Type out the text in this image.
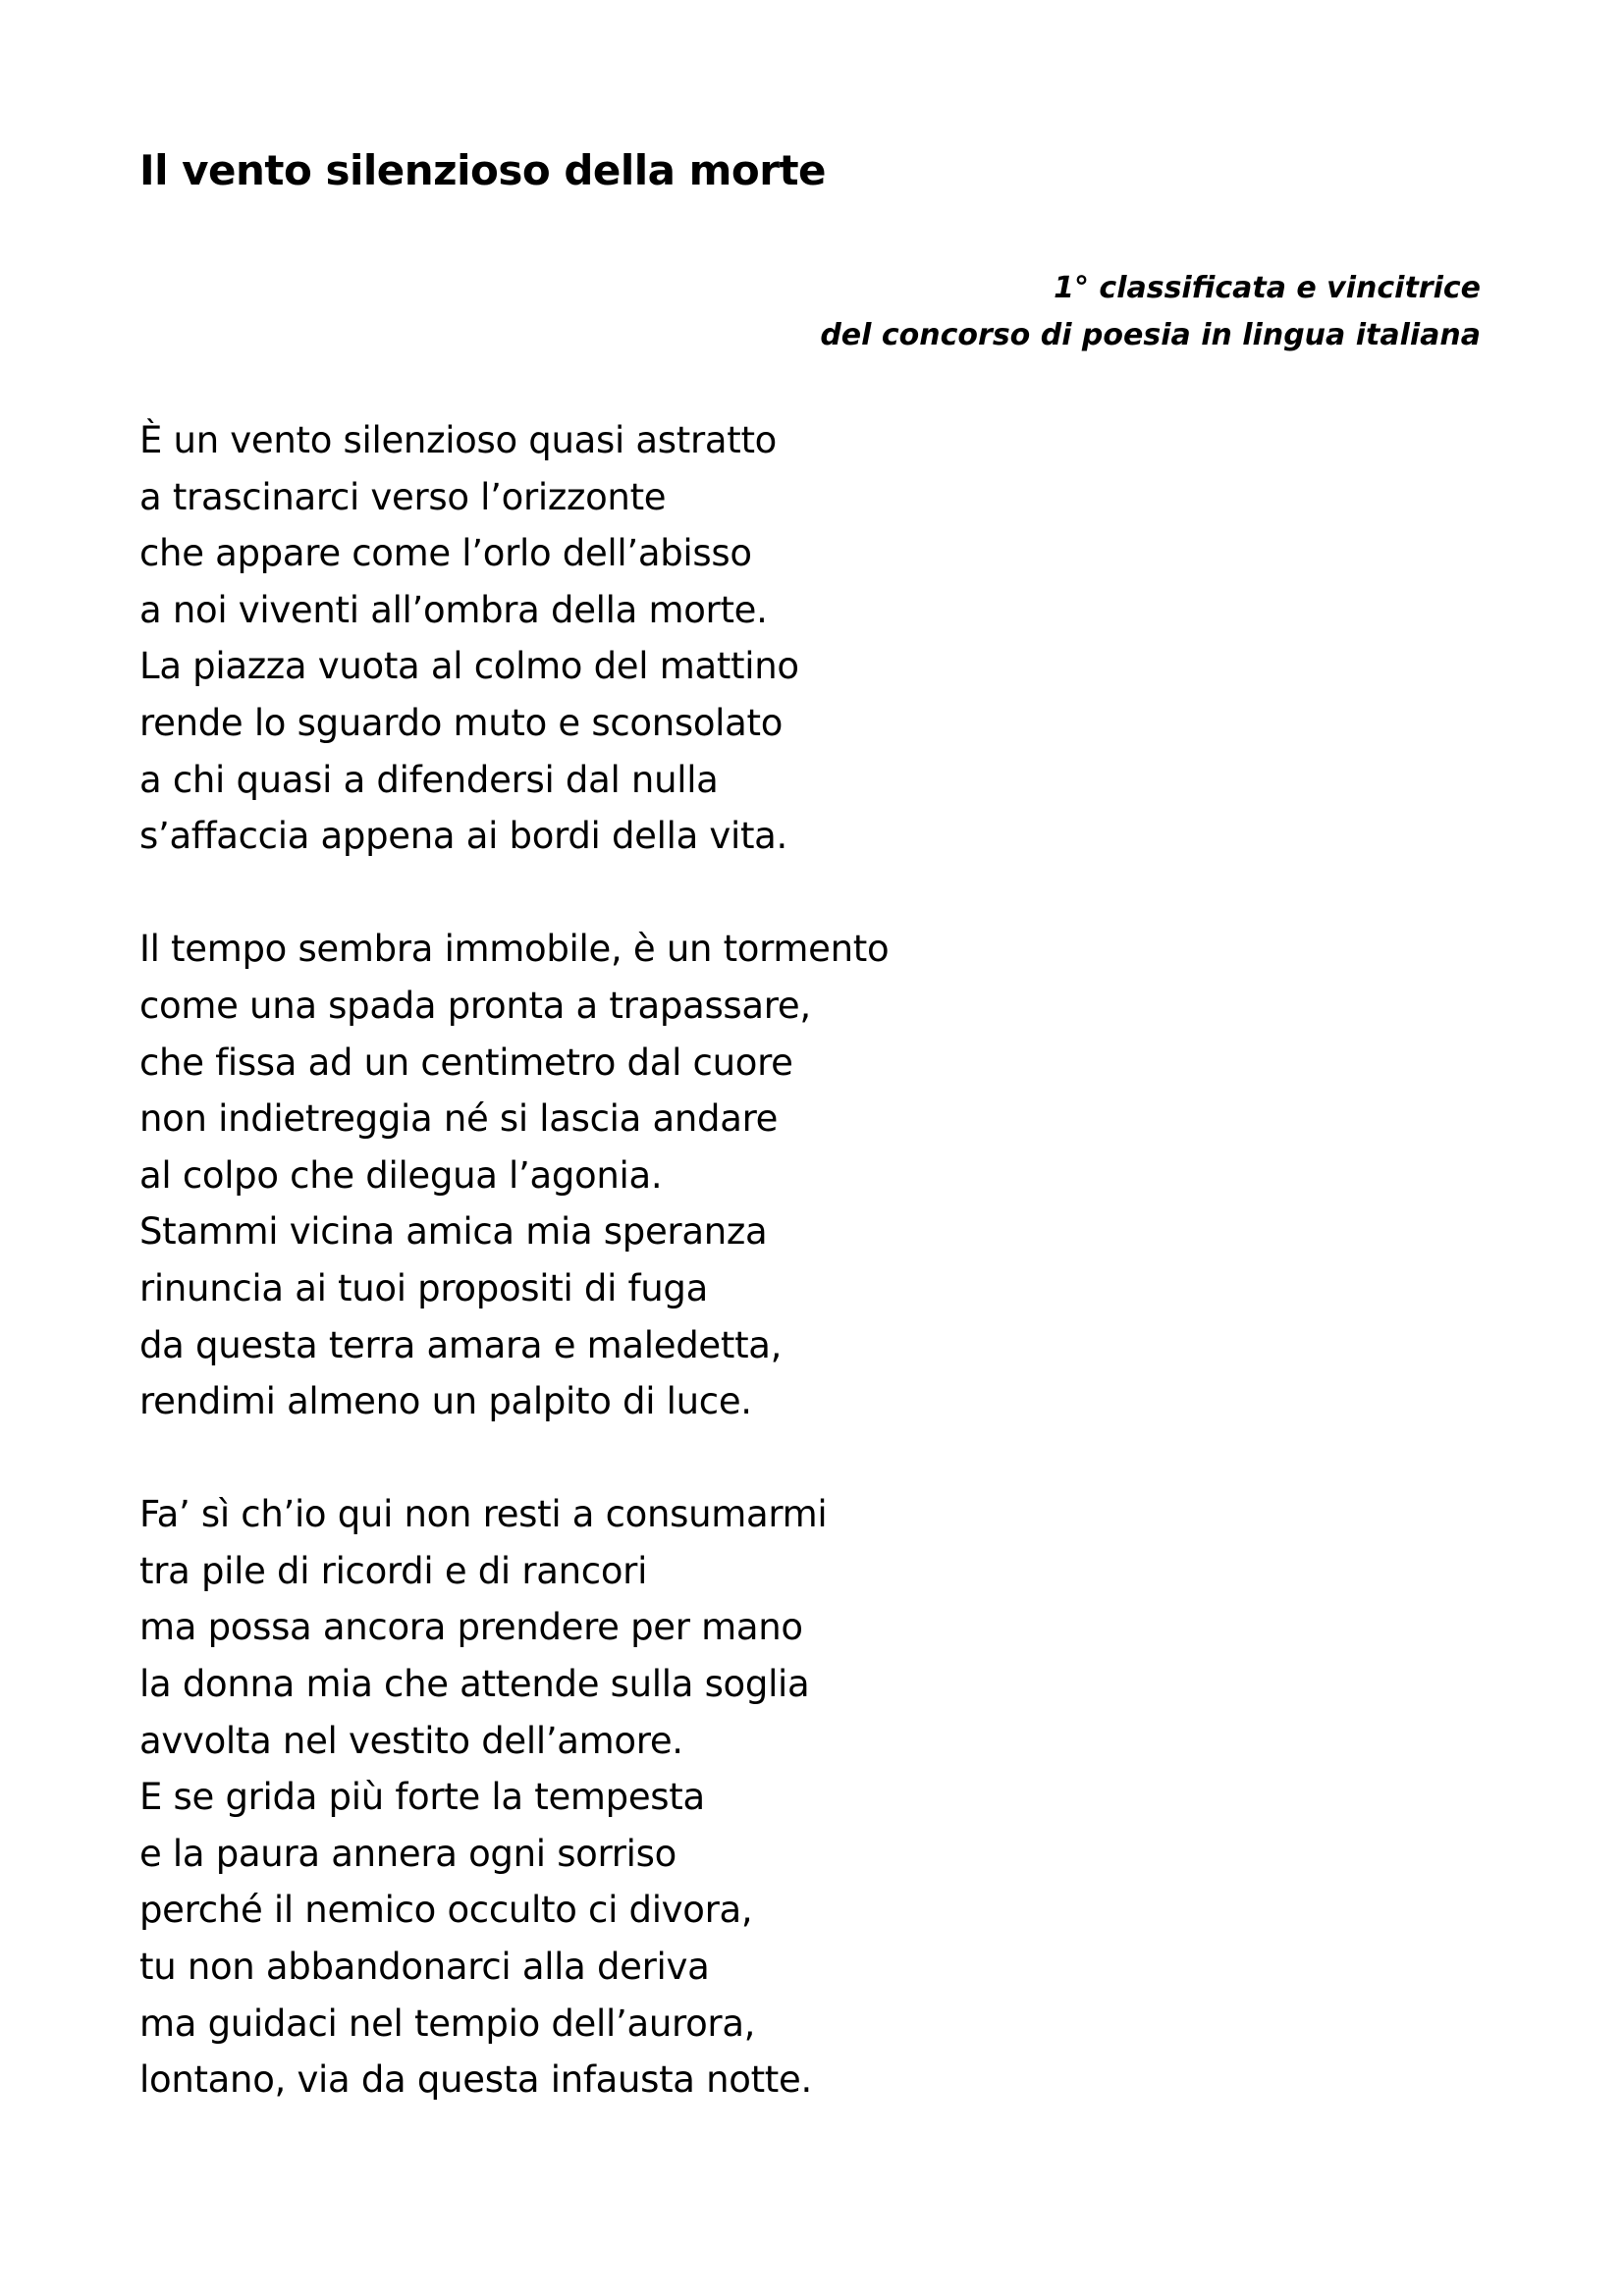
Il vento silenzioso della morte
1° classificata e vincitrice
del concorso di poesia in lingua italiana
È un vento silenzioso quasi astratto
a trascinarci verso l’orizzonte
che appare come l’orlo dell’abisso
a noi viventi all’ombra della morte.
La piazza vuota al colmo del mattino
rende lo sguardo muto e sconsolato
a chi quasi a difendersi dal nulla
s’affaccia appena ai bordi della vita.
Il tempo sembra immobile, è un tormento
come una spada pronta a trapassare,
che fissa ad un centimetro dal cuore
non indietreggia né si lascia andare
al colpo che dilegua l’agonia.
Stammi vicina amica mia speranza
rinuncia ai tuoi propositi di fuga
da questa terra amara e maledetta,
rendimi almeno un palpito di luce.
Fa’ sì ch’io qui non resti a consumarmi
tra pile di ricordi e di rancori
ma possa ancora prendere per mano
la donna mia che attende sulla soglia
avvolta nel vestito dell’amore.
E se grida più forte la tempesta
e la paura annera ogni sorriso
perché il nemico occulto ci divora,
tu non abbandonarci alla deriva
ma guidaci nel tempio dell’aurora,
lontano, via da questa infausta notte.
